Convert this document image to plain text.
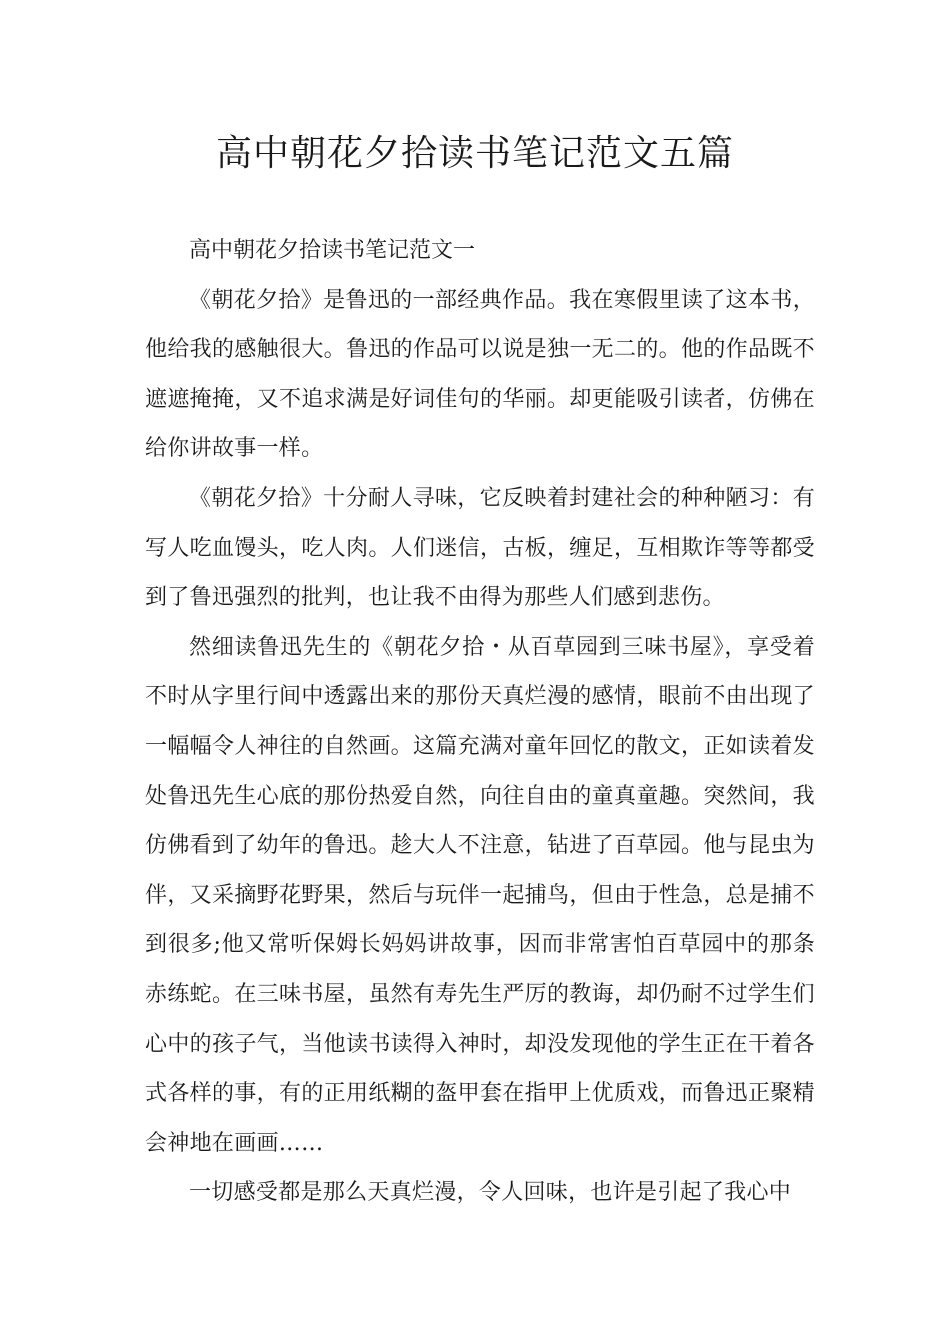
高中朝花夕拾读书笔记范文五篇

高中朝花夕拾读书笔记范文一

《朝花夕拾》是鲁迅的一部经典作品。我在寒假里读了这本书，他给我的感触很大。鲁迅的作品可以说是独一无二的。他的作品既不遮遮掩掩，又不追求满是好词佳句的华丽。却更能吸引读者，仿佛在给你讲故事一样。

《朝花夕拾》十分耐人寻味，它反映着封建社会的种种陋习：有写人吃血馒头，吃人肉。人们迷信，古板，缠足，互相欺诈等等都受到了鲁迅强烈的批判，也让我不由得为那些人们感到悲伤。

然细读鲁迅先生的《朝花夕拾・从百草园到三味书屋》，享受着不时从字里行间中透露出来的那份天真烂漫的感情，眼前不由出现了一幅幅令人神往的自然画。这篇充满对童年回忆的散文，正如读着发处鲁迅先生心底的那份热爱自然，向往自由的童真童趣。突然间，我仿佛看到了幼年的鲁迅。趁大人不注意，钻进了百草园。他与昆虫为伴，又采摘野花野果，然后与玩伴一起捕鸟，但由于性急，总是捕不到很多;他又常听保姆长妈妈讲故事，因而非常害怕百草园中的那条赤练蛇。在三味书屋，虽然有寿先生严厉的教诲，却仍耐不过学生们心中的孩子气，当他读书读得入神时，却没发现他的学生正在干着各式各样的事，有的正用纸糊的盔甲套在指甲上优质戏，而鲁迅正聚精会神地在画画……

一切感受都是那么天真烂漫，令人回味，也许是引起了我心中
